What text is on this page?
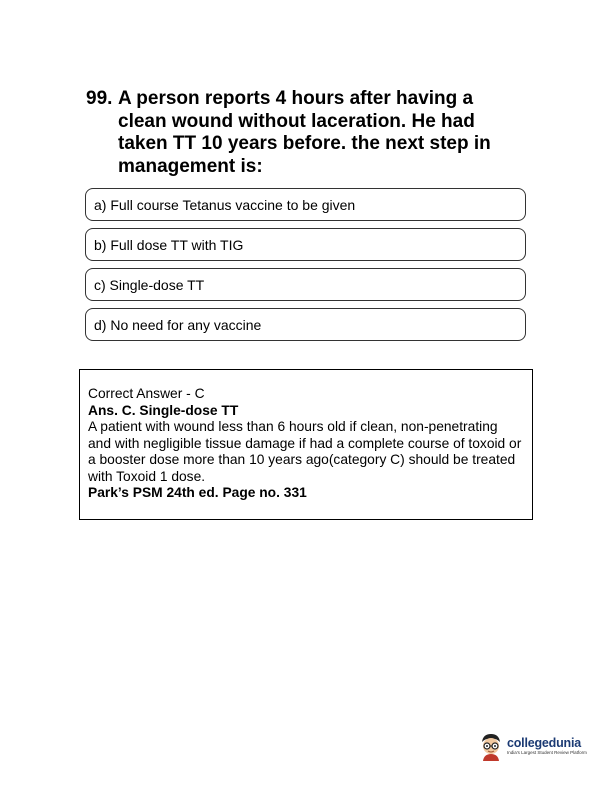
99. A person reports 4 hours after having a clean wound without laceration. He had taken TT 10 years before. the next step in management is:
a) Full course Tetanus vaccine to be given
b) Full dose TT with TIG
c) Single-dose TT
d) No need for any vaccine
Correct Answer - C
Ans. C. Single-dose TT
A patient with wound less than 6 hours old if clean, non-penetrating and with negligible tissue damage if had a complete course of toxoid or a booster dose more than 10 years ago(category C) should be treated with Toxoid 1 dose.
Park’s PSM 24th ed. Page no. 331
collegedunia
India's Largest Student Review Platform
